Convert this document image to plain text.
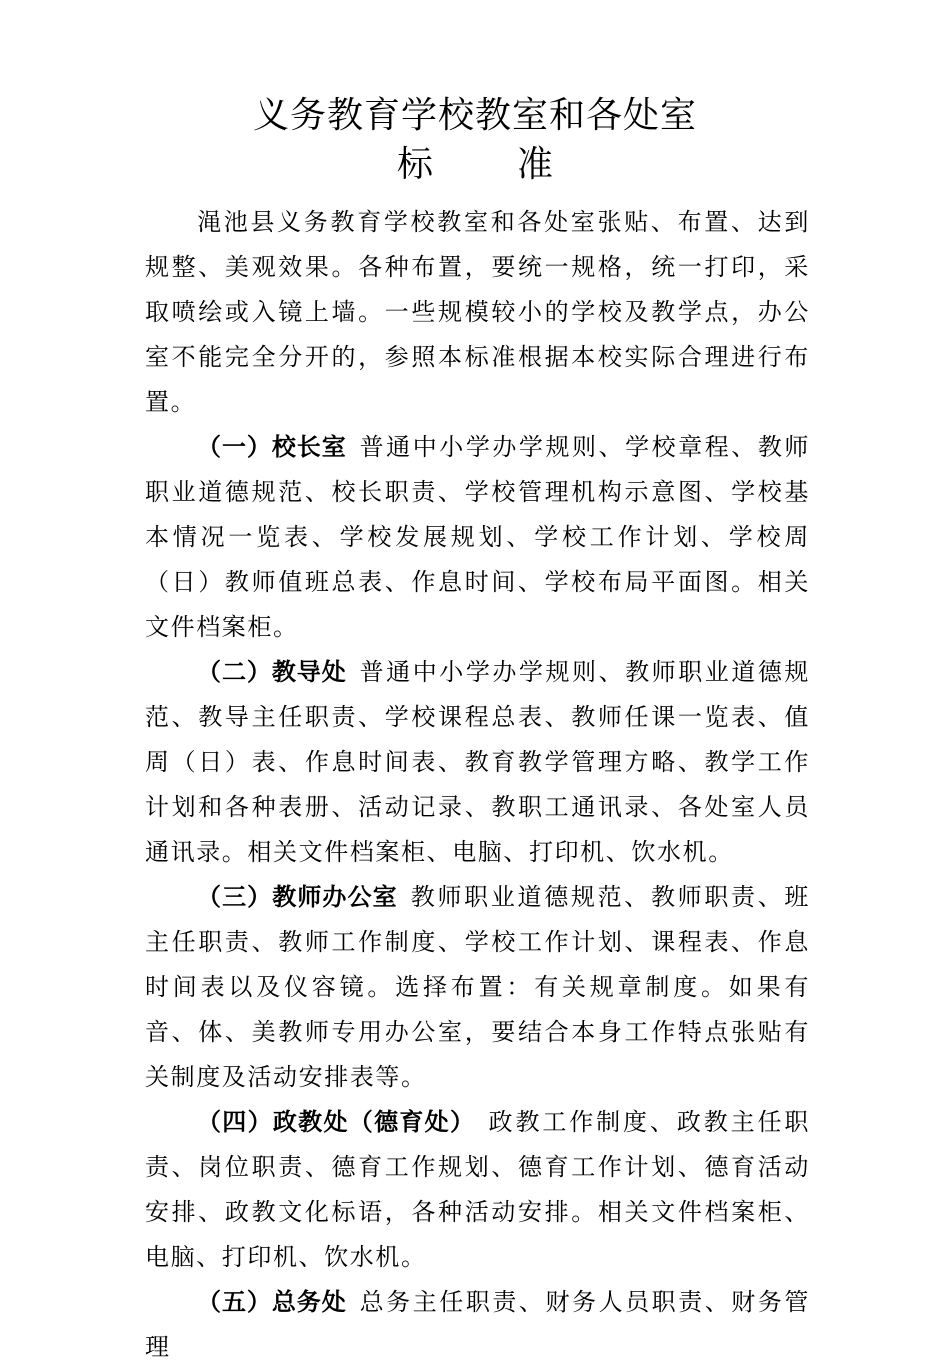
义务教育学校教室和各处室
标 准

渑池县义务教育学校教室和各处室张贴、布置、达到规整、美观效果。各种布置，要统一规格，统一打印，采取喷绘或入镜上墙。一些规模较小的学校及教学点，办公室不能完全分开的，参照本标准根据本校实际合理进行布置。

（一）校长室 普通中小学办学规则、学校章程、教师职业道德规范、校长职责、学校管理机构示意图、学校基本情况一览表、学校发展规划、学校工作计划、学校周（日）教师值班总表、作息时间、学校布局平面图。相关文件档案柜。

（二）教导处 普通中小学办学规则、教师职业道德规范、教导主任职责、学校课程总表、教师任课一览表、值周（日）表、作息时间表、教育教学管理方略、教学工作计划和各种表册、活动记录、教职工通讯录、各处室人员通讯录。相关文件档案柜、电脑、打印机、饮水机。

（三）教师办公室 教师职业道德规范、教师职责、班主任职责、教师工作制度、学校工作计划、课程表、作息时间表以及仪容镜。选择布置：有关规章制度。如果有音、体、美教师专用办公室，要结合本身工作特点张贴有关制度及活动安排表等。

（四）政教处（德育处） 政教工作制度、政教主任职责、岗位职责、德育工作规划、德育工作计划、德育活动安排、政教文化标语，各种活动安排。相关文件档案柜、电脑、打印机、饮水机。

（五）总务处 总务主任职责、财务人员职责、财务管理
